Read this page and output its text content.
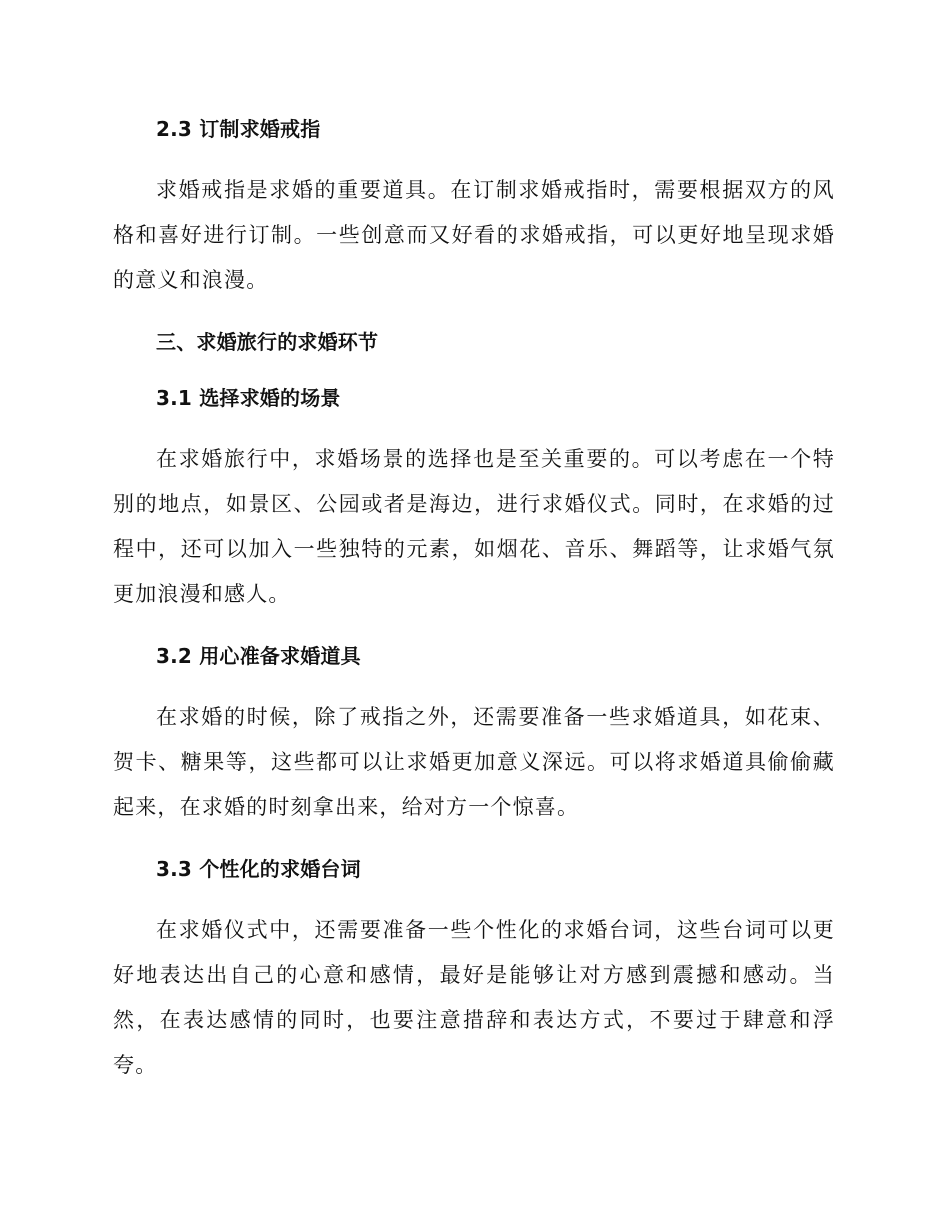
2.3 订制求婚戒指

求婚戒指是求婚的重要道具。在订制求婚戒指时，需要根据双方的风格和喜好进行订制。一些创意而又好看的求婚戒指，可以更好地呈现求婚的意义和浪漫。

三、求婚旅行的求婚环节
3.1 选择求婚的场景

在求婚旅行中，求婚场景的选择也是至关重要的。可以考虑在一个特别的地点，如景区、公园或者是海边，进行求婚仪式。同时，在求婚的过程中，还可以加入一些独特的元素，如烟花、音乐、舞蹈等，让求婚气氛更加浪漫和感人。

3.2 用心准备求婚道具

在求婚的时候，除了戒指之外，还需要准备一些求婚道具，如花束、贺卡、糖果等，这些都可以让求婚更加意义深远。可以将求婚道具偷偷藏起来，在求婚的时刻拿出来，给对方一个惊喜。

3.3 个性化的求婚台词

在求婚仪式中，还需要准备一些个性化的求婚台词，这些台词可以更好地表达出自己的心意和感情，最好是能够让对方感到震撼和感动。当然，在表达感情的同时，也要注意措辞和表达方式，不要过于肆意和浮夸。
